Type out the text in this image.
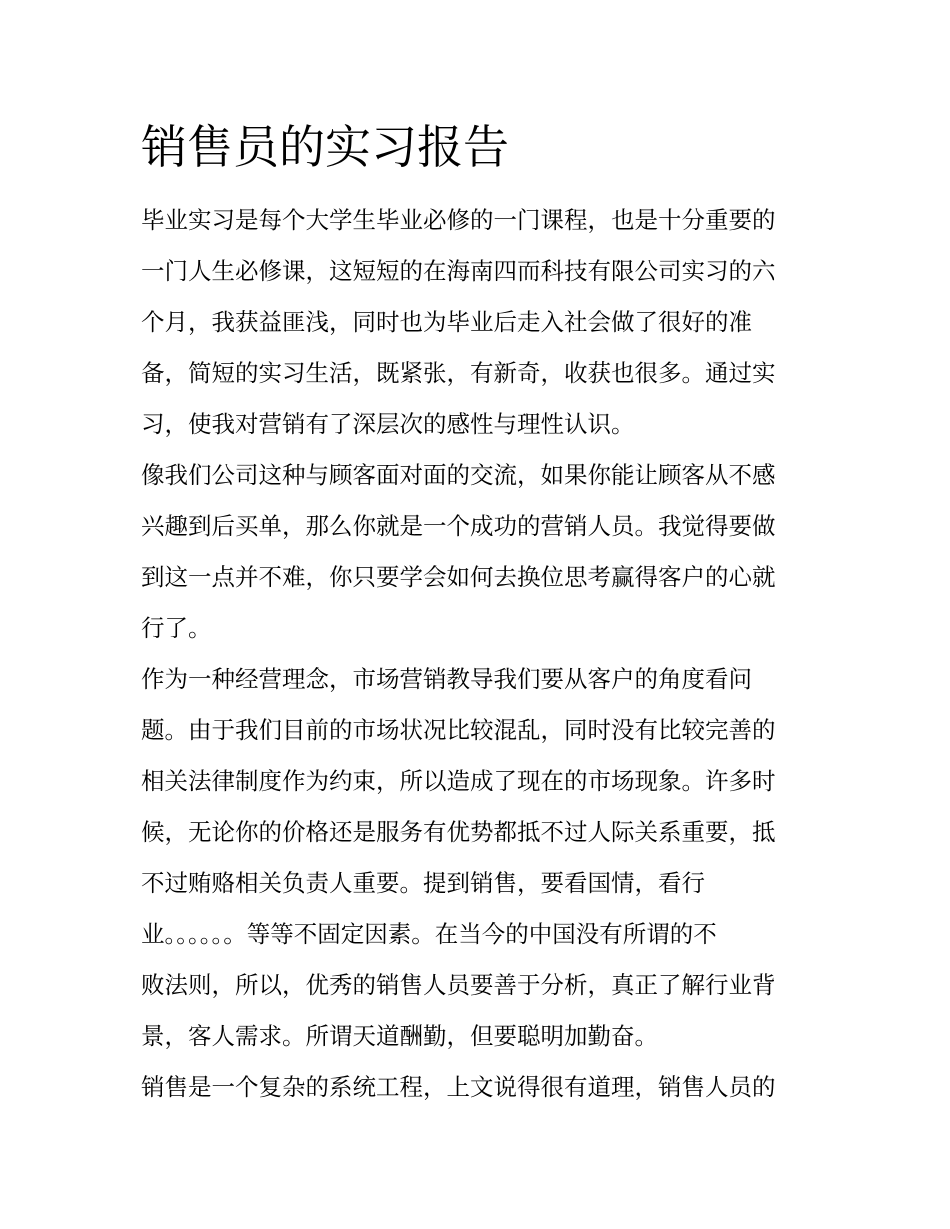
销售员的实习报告

毕业实习是每个大学生毕业必修的一门课程，也是十分重要的

一门人生必修课，这短短的在海南四而科技有限公司实习的六

个月，我获益匪浅，同时也为毕业后走入社会做了很好的准

备，简短的实习生活，既紧张，有新奇，收获也很多。通过实

习，使我对营销有了深层次的感性与理性认识。

像我们公司这种与顾客面对面的交流，如果你能让顾客从不感

兴趣到后买单，那么你就是一个成功的营销人员。我觉得要做

到这一点并不难，你只要学会如何去换位思考赢得客户的心就

行了。

作为一种经营理念，市场营销教导我们要从客户的角度看问

题。由于我们目前的市场状况比较混乱，同时没有比较完善的

相关法律制度作为约束，所以造成了现在的市场现象。许多时

候，无论你的价格还是服务有优势都抵不过人际关系重要，抵

不过贿赂相关负责人重要。提到销售，要看国情，看行

业。。。。。。等等不固定因素。在当今的中国没有所谓的不

败法则，所以，优秀的销售人员要善于分析，真正了解行业背

景，客人需求。所谓天道酬勤，但要聪明加勤奋。

销售是一个复杂的系统工程，上文说得很有道理，销售人员的
